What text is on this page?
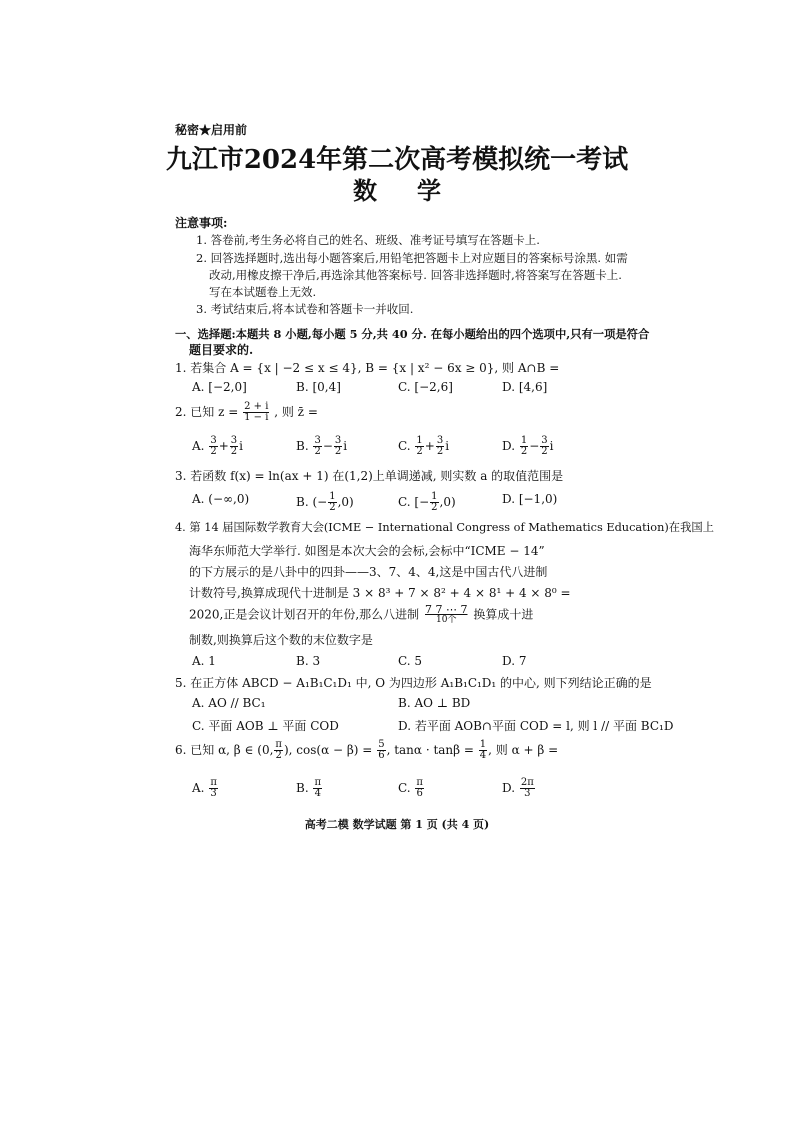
秘密★启用前
九江市2024年第二次高考模拟统一考试
数学
注意事项:
1. 答卷前,考生务必将自己的姓名、班级、准考证号填写在答题卡上.
2. 回答选择题时,选出每小题答案后,用铅笔把答题卡上对应题目的答案标号涂黑. 如需
改动,用橡皮擦干净后,再选涂其他答案标号. 回答非选择题时,将答案写在答题卡上.
写在本试题卷上无效.
3. 考试结束后,将本试卷和答题卡一并收回.
一、选择题:本题共 8 小题,每小题 5 分,共 40 分. 在每小题给出的四个选项中,只有一项是符合
题目要求的.
1. 若集合 A = {x | −2 ≤ x ≤ 4}, B = {x | x² − 6x ≥ 0}, 则 A∩B =
A. [−2,0]	B. [0,4]	C. [−2,6]	D. [4,6]
2. 已知 $z = \frac{2 + i}{1 - i}$ , 则 z̄ =
A. $\frac{3}{2} + \frac{3}{2}$ i	B. $\frac{3}{2} - \frac{3}{2}$ i	C. $\frac{1}{2} + \frac{3}{2}$ i	D. $\frac{1}{2} - \frac{3}{2}$ i
3. 若函数 f(x) = ln(ax + 1) 在(1,2)上单调递减, 则实数 a 的取值范围是
A. (−∞,0)	B. (− $\frac{1}{2} ,0$)	C. [− $\frac{1}{2} ,0$)	D. [−1,0)
4. 第 14 届国际数学教育大会(ICME − International Congress of Mathematics Education)在我国上
海华东师范大学举行. 如图是本次大会的会标,会标中“ICME − 14”
的下方展示的是八卦中的四卦——3、7、4、4,这是中国古代八进制
计数符号,换算成现代十进制是 3 × 8³ + 7 × 8² + 4 × 8¹ + 4 × 8⁰ =
2020,正是会议计划召开的年份,那么八进制 $\frac{7 7 \cdots 7}{\text{10个}}$ 换算成十进
制数,则换算后这个数的末位数字是
A. 1	B. 3	C. 5	D. 7
5. 在正方体 ABCD − A₁B₁C₁D₁ 中, O 为四边形 A₁B₁C₁D₁ 的中心, 则下列结论正确的是
A. AO // BC₁	B. AO ⊥ BD
C. 平面 AOB ⊥ 平面 COD	D. 若平面 AOB∩平面 COD = l, 则 l // 平面 BC₁D
6. 已知 α, β ∈ (0, $\frac{\pi}{2}$ ), $\cos(\alpha - \beta) = \frac{5}{6}$ , $\tan\alpha \cdot \tan\beta = \frac{1}{4}$ , 则 α + β =
A. $\frac{\pi}{3}$	B. $\frac{\pi}{4}$	C. $\frac{\pi}{6}$	D. $\frac{2\pi}{3}$
高考二模 数学试题 第 1 页 (共 4 页)
